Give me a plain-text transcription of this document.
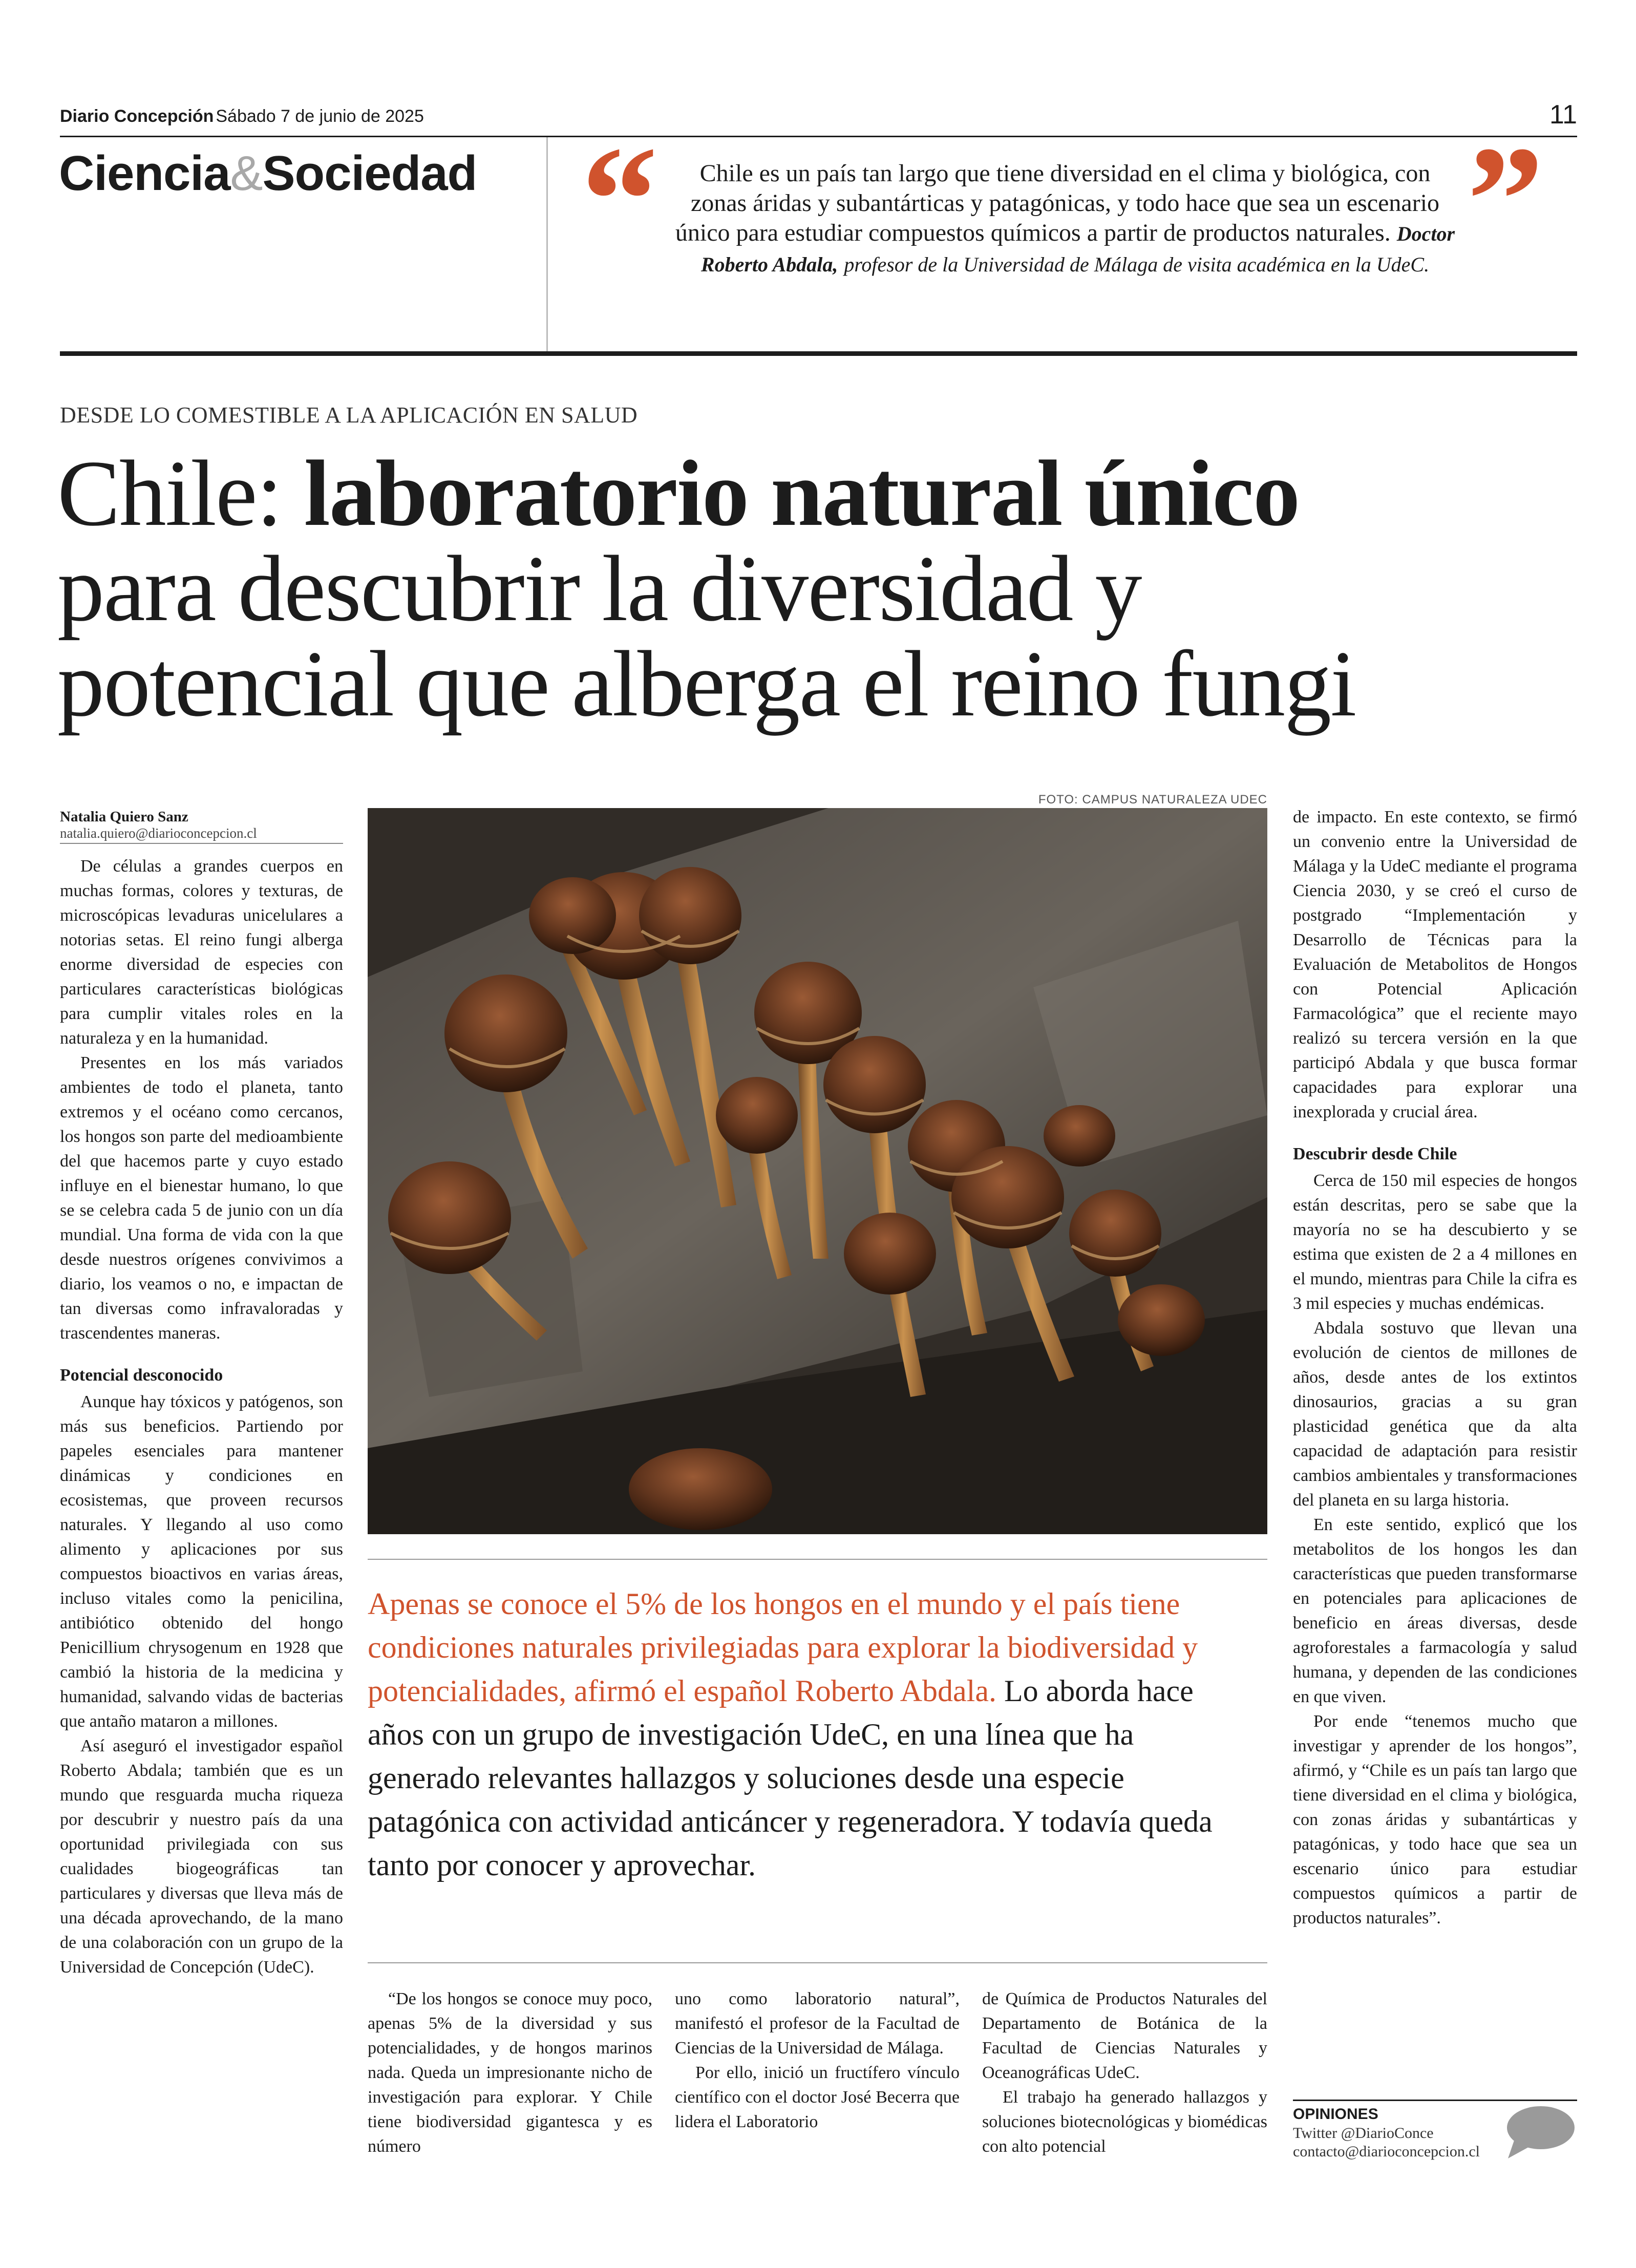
Diario Concepción Sábado 7 de junio de 2025	11
Ciencia&Sociedad “	”
Chile es un país tan largo que tiene diversidad en el clima y biológica, con zonas áridas y subantárticas y patagónicas, y todo hace que sea un escenario único para estudiar compuestos químicos a partir de productos naturales. Doctor Roberto Abdala, profesor de la Universidad de Málaga de visita académica en la UdeC.
DESDE LO COMESTIBLE A LA APLICACIÓN EN SALUD
Chile: laboratorio natural único
para descubrir la diversidad y
potencial que alberga el reino fungi
Natalia Quiero Sanz
natalia.quiero@diarioconcepcion.cl

De células a grandes cuerpos en muchas formas, colores y texturas, de microscópicas levaduras unicelulares a notorias setas. El reino fungi alberga enorme diversidad de especies con particulares características biológicas para cumplir vitales roles en la naturaleza y en la humanidad.

Presentes en los más variados ambientes de todo el planeta, tanto extremos y el océano como cercanos, los hongos son parte del medioambiente del que hacemos parte y cuyo estado influye en el bienestar humano, lo que se se celebra cada 5 de junio con un día mundial. Una forma de vida con la que desde nuestros orígenes convivimos a diario, los veamos o no, e impactan de tan diversas como infravaloradas y trascendentes maneras.

Potencial desconocido

Aunque hay tóxicos y patógenos, son más sus beneficios. Partiendo por papeles esenciales para mantener dinámicas y condiciones en ecosistemas, que proveen recursos naturales. Y llegando al uso como alimento y aplicaciones por sus compuestos bioactivos en varias áreas, incluso vitales como la penicilina, antibiótico obtenido del hongo Penicillium chrysogenum en 1928 que cambió la historia de la medicina y humanidad, salvando vidas de bacterias que antaño mataron a millones.

Así aseguró el investigador español Roberto Abdala; también que es un mundo que resguarda mucha riqueza por descubrir y nuestro país da una oportunidad privilegiada con sus cualidades biogeográficas tan particulares y diversas que lleva más de una década aprovechando, de la mano de una colaboración con un grupo de la Universidad de Concepción (UdeC).

FOTO: CAMPUS NATURALEZA UDEC
Apenas se conoce el 5% de los hongos en el mundo y el país tiene condiciones naturales privilegiadas para explorar la biodiversidad y potencialidades, afirmó el español Roberto Abdala. Lo aborda hace años con un grupo de investigación UdeC, en una línea que ha generado relevantes hallazgos y soluciones desde una especie patagónica con actividad anticáncer y regeneradora. Y todavía queda tanto por conocer y aprovechar.

“De los hongos se conoce muy poco, apenas 5% de la diversidad y sus potencialidades, y de hongos marinos nada. Queda un impresionante nicho de investigación para explorar. Y Chile tiene biodiversidad gigantesca y es número

uno como laboratorio natural”, manifestó el profesor de la Facultad de Ciencias de la Universidad de Málaga.

Por ello, inició un fructífero vínculo científico con el doctor José Becerra que lidera el Laboratorio

de Química de Productos Naturales del Departamento de Botánica de la Facultad de Ciencias Naturales y Oceanográficas UdeC.

El trabajo ha generado hallazgos y soluciones biotecnológicas y biomédicas con alto potencial

de impacto. En este contexto, se firmó un convenio entre la Universidad de Málaga y la UdeC mediante el programa Ciencia 2030, y se creó el curso de postgrado “Implementación y Desarrollo de Técnicas para la Evaluación de Metabolitos de Hongos con Potencial Aplicación Farmacológica” que el reciente mayo realizó su tercera versión en la que participó Abdala y que busca formar capacidades para explorar una inexplorada y crucial área.

Descubrir desde Chile

Cerca de 150 mil especies de hongos están descritas, pero se sabe que la mayoría no se ha descubierto y se estima que existen de 2 a 4 millones en el mundo, mientras para Chile la cifra es 3 mil especies y muchas endémicas.

Abdala sostuvo que llevan una evolución de cientos de millones de años, desde antes de los extintos dinosaurios, gracias a su gran plasticidad genética que da alta capacidad de adaptación para resistir cambios ambientales y transformaciones del planeta en su larga historia.

En este sentido, explicó que los metabolitos de los hongos les dan características que pueden transformarse en potenciales para aplicaciones de beneficio en áreas diversas, desde agroforestales a farmacología y salud humana, y dependen de las condiciones en que viven.

Por ende “tenemos mucho que investigar y aprender de los hongos”, afirmó, y “Chile es un país tan largo que tiene diversidad en el clima y biológica, con zonas áridas y subantárticas y patagónicas, y todo hace que sea un escenario único para estudiar compuestos químicos a partir de productos naturales”.

OPINIONES
Twitter @DiarioConce
contacto@diarioconcepcion.cl
